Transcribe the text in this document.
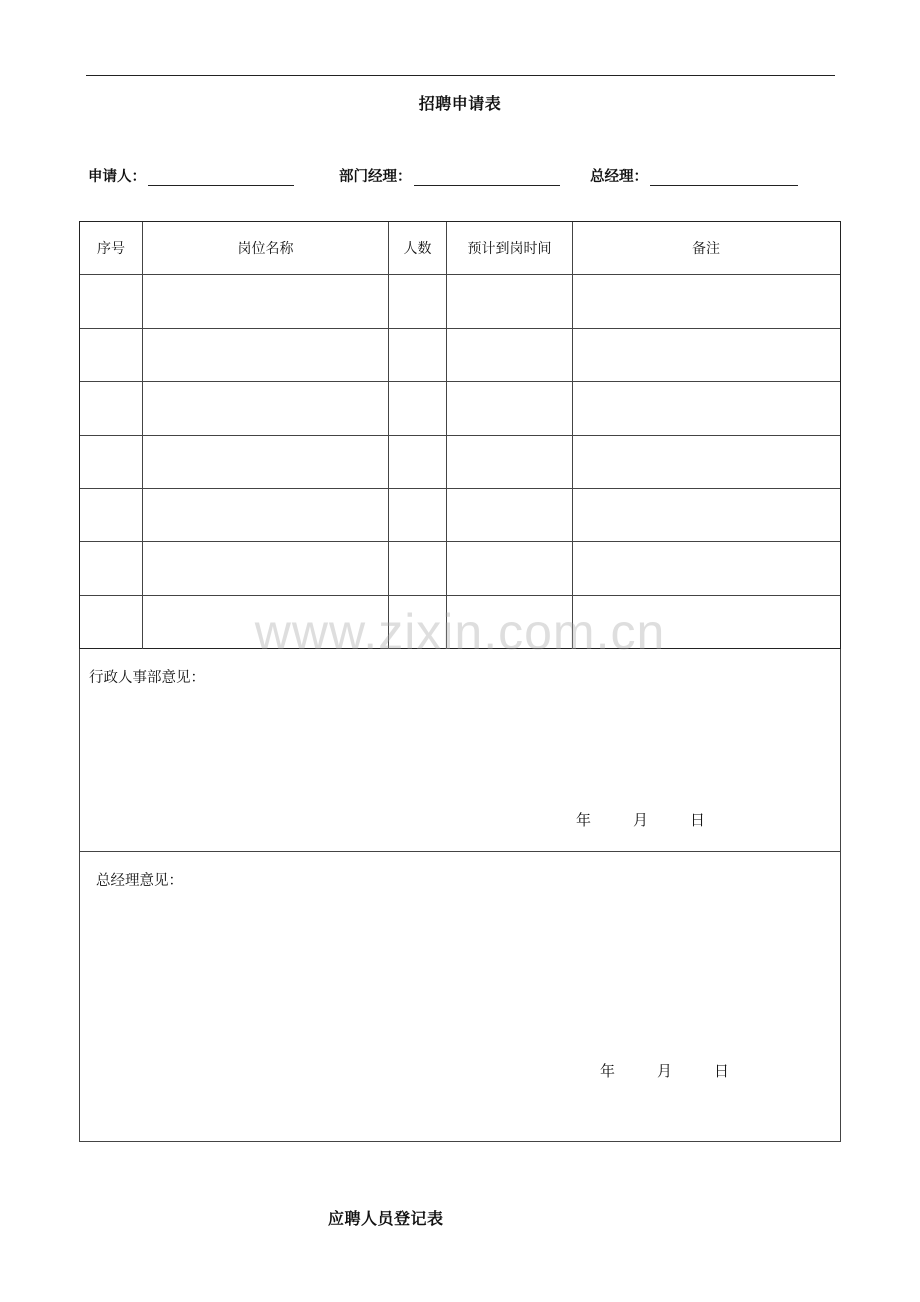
招聘申请表
申请人：	部门经理：	总经理：
序号	岗位名称	人数	预计到岗时间	备注
www.zixin.com.cn
行政人事部意见：
年	月	日
总经理意见：
年	月	日
应聘人员登记表
